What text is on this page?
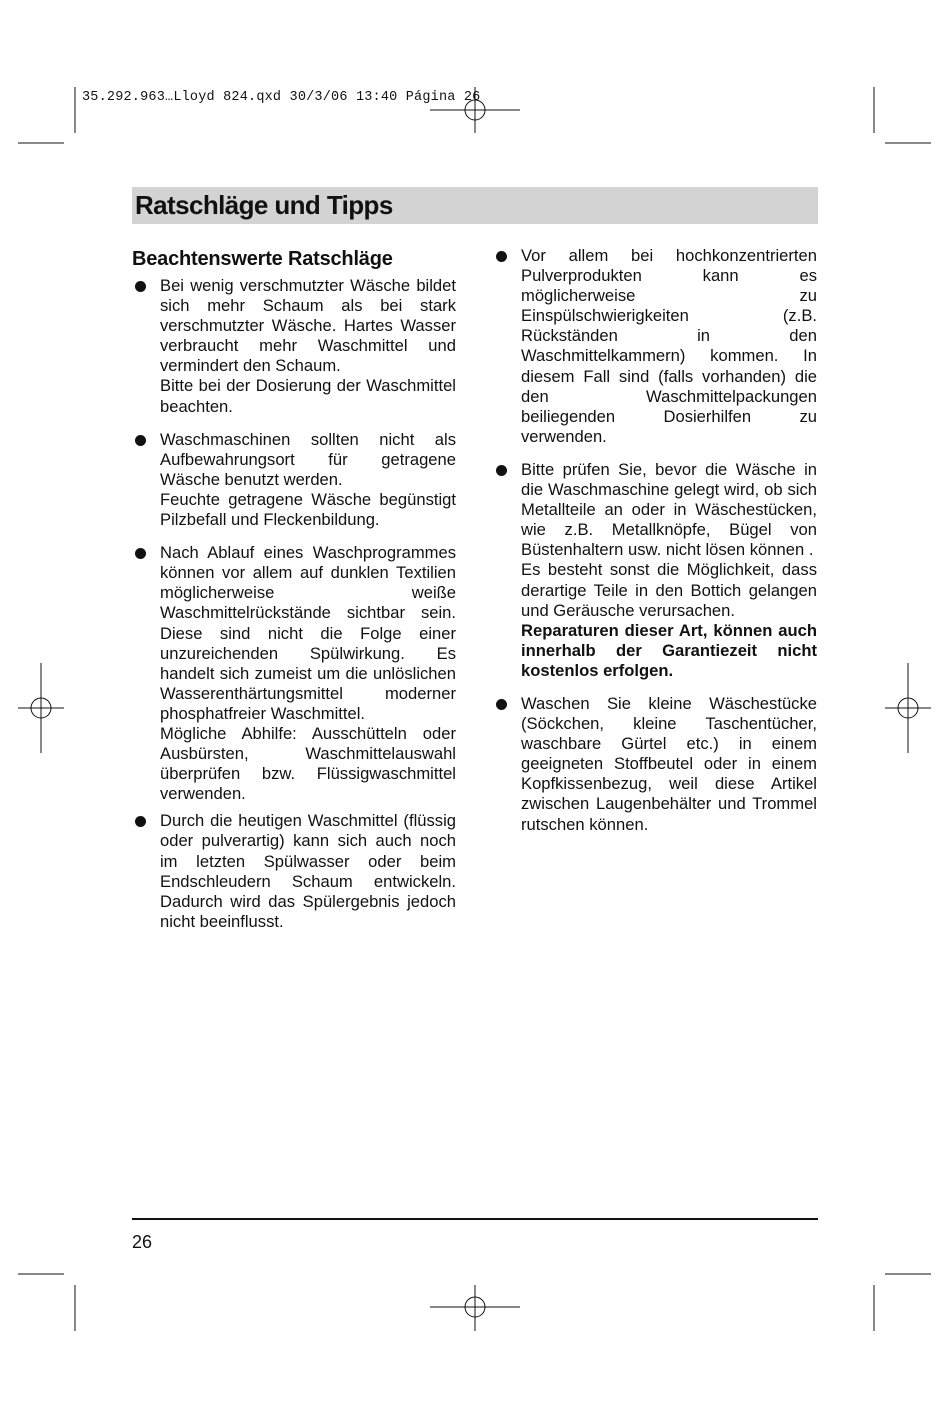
35.292.963…Lloyd 824.qxd 30/3/06 13:40 Página 26
Ratschläge und Tipps
Beachtenswerte Ratschläge

Bei wenig verschmutzter Wäsche bildet sich mehr Schaum als bei stark verschmutzter Wäsche. Hartes Wasser verbraucht mehr Waschmittel und vermindert den Schaum.

Bitte bei der Dosierung der Waschmittel beachten.

Waschmaschinen sollten nicht als Aufbewahrungsort für getragene Wäsche benutzt werden.

Feuchte getragene Wäsche begünstigt Pilzbefall und Fleckenbildung.

Nach Ablauf eines Waschprogrammes können vor allem auf dunklen Textilien möglicherweise weiße Waschmittelrückstände sichtbar sein. Diese sind nicht die Folge einer unzureichenden Spülwirkung. Es handelt sich zumeist um die unlöslichen Wasserenthärtungsmittel moderner phosphatfreier Waschmittel.

Mögliche Abhilfe: Ausschütteln oder Ausbürsten, Waschmittelauswahl überprüfen bzw. Flüssigwaschmittel verwenden.

Durch die heutigen Waschmittel (flüssig oder pulverartig) kann sich auch noch im letzten Spülwasser oder beim Endschleudern Schaum entwickeln. Dadurch wird das Spülergebnis jedoch nicht beeinflusst.

Vor allem bei hochkonzentrierten Pulverprodukten kann es möglicherweise zu Einspülschwierigkeiten (z.B. Rückständen in den Waschmittelkammern) kommen. In diesem Fall sind (falls vorhanden) die den Waschmittelpackungen beiliegenden Dosierhilfen zu verwenden.

Bitte prüfen Sie, bevor die Wäsche in die Waschmaschine gelegt wird, ob sich Metallteile an oder in Wäschestücken, wie z.B. Metallknöpfe, Bügel von Büstenhaltern usw. nicht lösen können .

Es besteht sonst die Möglichkeit, dass derartige Teile in den Bottich gelangen und Geräusche verursachen.

Reparaturen dieser Art, können auch innerhalb der Garantiezeit nicht kostenlos erfolgen.

Waschen Sie kleine Wäschestücke (Söckchen, kleine Taschentücher, waschbare Gürtel etc.) in einem geeigneten Stoffbeutel oder in einem Kopfkissenbezug, weil diese Artikel zwischen Laugenbehälter und Trommel rutschen können.

26
